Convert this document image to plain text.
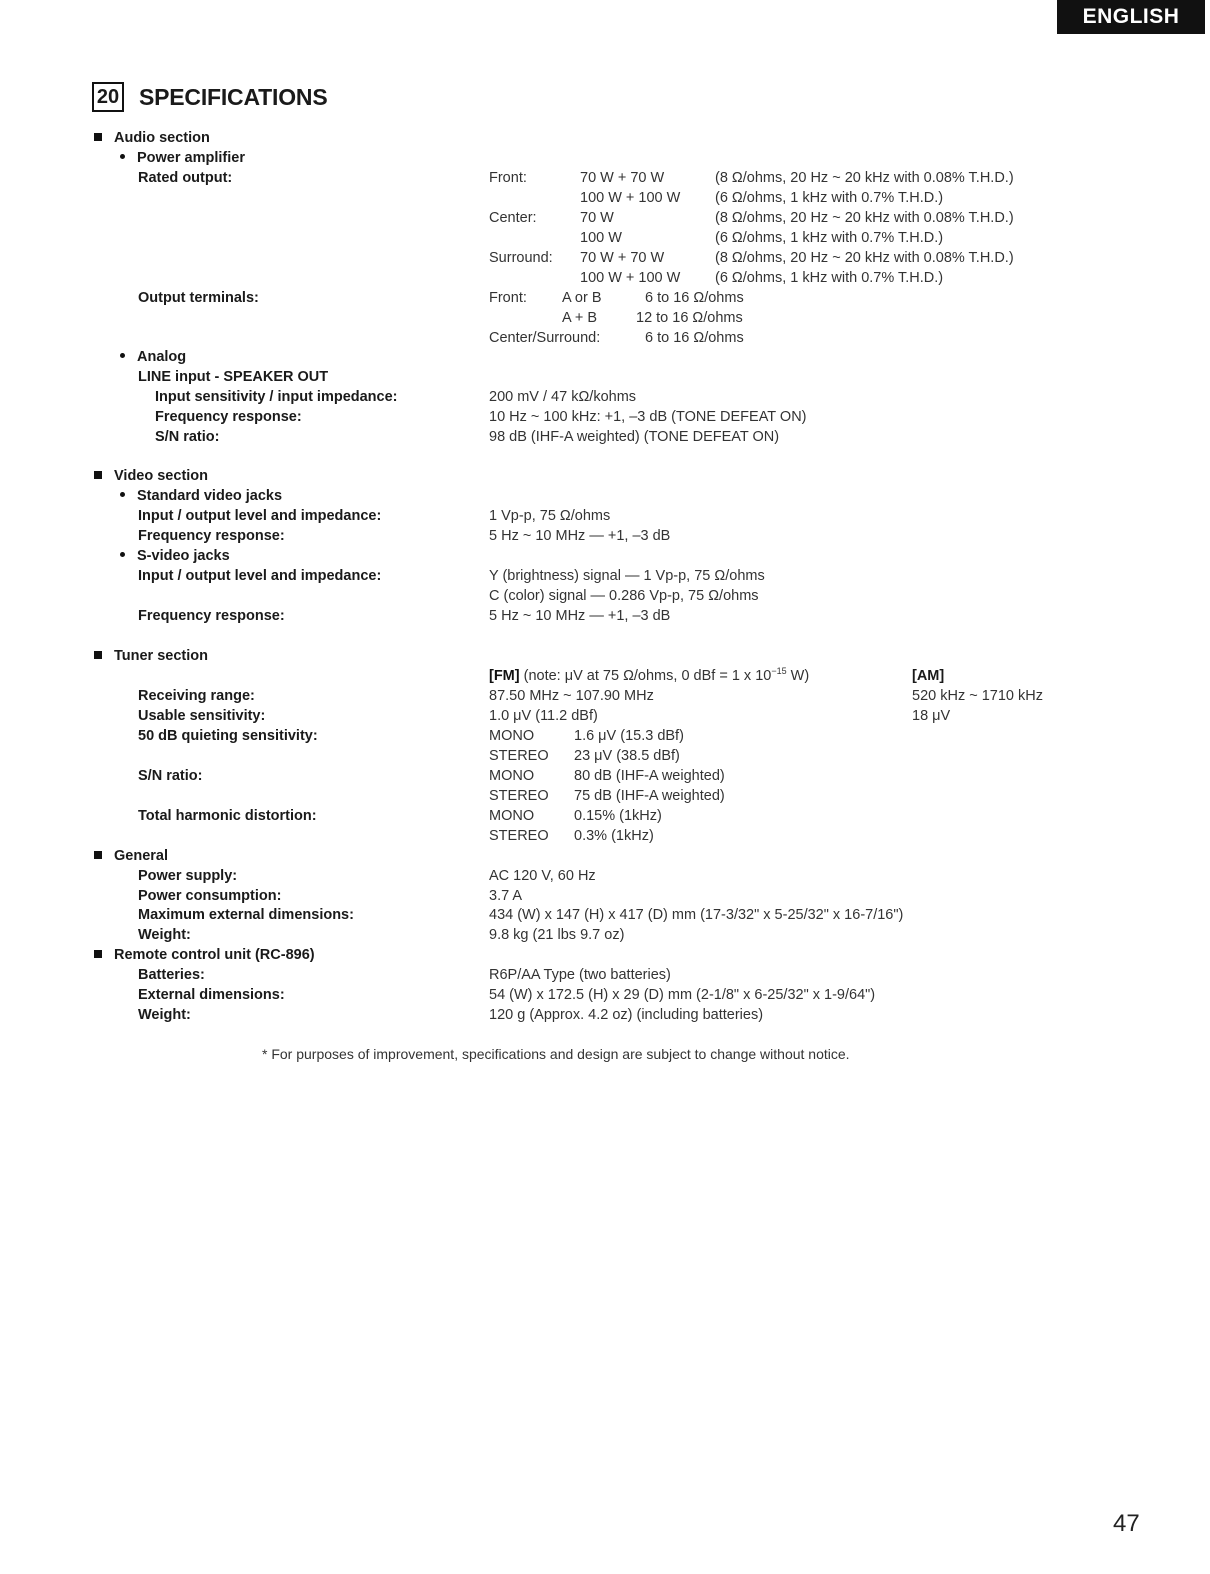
ENGLISH
20 SPECIFICATIONS
Audio section
Power amplifier
Rated output:	Front:	70 W + 70 W	(8 Ω/ohms, 20 Hz ~ 20 kHz with 0.08% T.H.D.)
100 W + 100 W (6 Ω/ohms, 1 kHz with 0.7% T.H.D.)
Center:	70 W	(8 Ω/ohms, 20 Hz ~ 20 kHz with 0.08% T.H.D.)
100 W	(6 Ω/ohms, 1 kHz with 0.7% T.H.D.)
Surround: 70 W + 70 W	(8 Ω/ohms, 20 Hz ~ 20 kHz with 0.08% T.H.D.)
100 W + 100 W (6 Ω/ohms, 1 kHz with 0.7% T.H.D.)
Output terminals:	Front: A or B	6 to 16 Ω/ohms
A + B	12 to 16 Ω/ohms
Center/Surround:	6 to 16 Ω/ohms
Analog
LINE input - SPEAKER OUT
Input sensitivity / input impedance:	200 mV / 47 kΩ/kohms
Frequency response:	10 Hz ~ 100 kHz: +1, –3 dB (TONE DEFEAT ON)
S/N ratio:	98 dB (IHF-A weighted) (TONE DEFEAT ON)
Video section
Standard video jacks
Input / output level and impedance:	1 Vp-p, 75 Ω/ohms
Frequency response:	5 Hz ~ 10 MHz — +1, –3 dB
S-video jacks
Input / output level and impedance:	Y (brightness) signal — 1 Vp-p, 75 Ω/ohms
C (color) signal — 0.286 Vp-p, 75 Ω/ohms
Frequency response:	5 Hz ~ 10 MHz — +1, –3 dB
Tuner section
[FM] (note: μV at 75 Ω/ohms, 0 dBf = 1 x $10^{-15}$ W)	[AM]
Receiving range:	87.50 MHz ~ 107.90 MHz	520 kHz ~ 1710 kHz
Usable sensitivity:	1.0 μV (11.2 dBf)	18 μV
50 dB quieting sensitivity:	MONO	1.6 μV (15.3 dBf)
STEREO 23 μV (38.5 dBf)
S/N ratio:	MONO	80 dB (IHF-A weighted)
STEREO 75 dB (IHF-A weighted)
Total harmonic distortion:	MONO	0.15% (1kHz)
STEREO 0.3% (1kHz)
General
Power supply:	AC 120 V, 60 Hz
Power consumption:	3.7 A
Maximum external dimensions:	434 (W) x 147 (H) x 417 (D) mm (17-3/32" x 5-25/32" x 16-7/16")
Weight:	9.8 kg (21 lbs 9.7 oz)
Remote control unit (RC-896)
Batteries:	R6P/AA Type (two batteries)
External dimensions:	54 (W) x 172.5 (H) x 29 (D) mm (2-1/8" x 6-25/32" x 1-9/64")
Weight:	120 g (Approx. 4.2 oz) (including batteries)
* For purposes of improvement, specifications and design are subject to change without notice.
47
